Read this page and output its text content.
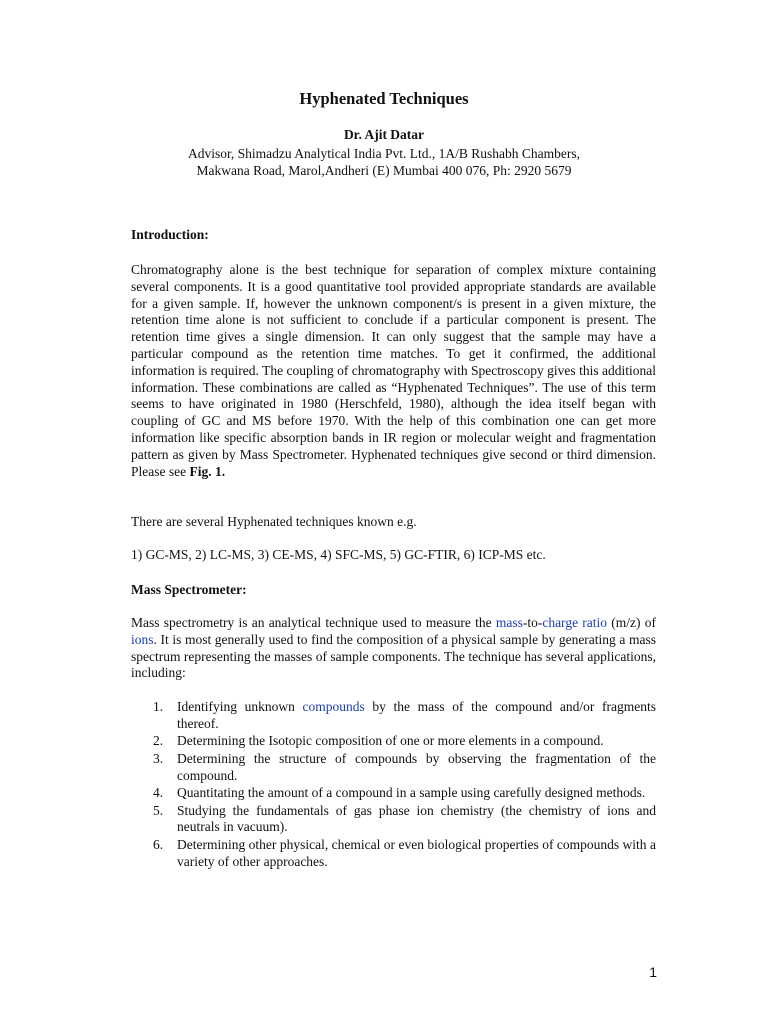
Hyphenated Techniques
Dr. Ajit Datar
Advisor, Shimadzu Analytical India Pvt. Ltd., 1A/B Rushabh Chambers,
Makwana Road, Marol,Andheri (E) Mumbai 400 076, Ph: 2920 5679
Introduction:
Chromatography alone is the best technique for separation of complex mixture containing several components. It is a good quantitative tool provided appropriate standards are available for a given sample. If, however the unknown component/s is present in a given mixture, the retention time alone is not sufficient to conclude if a particular component is present. The retention time gives a single dimension. It can only suggest that the sample may have a particular compound as the retention time matches. To get it confirmed, the additional information is required. The coupling of chromatography with Spectroscopy gives this additional information. These combinations are called as “Hyphenated Techniques”. The use of this term seems to have originated in 1980 (Herschfeld, 1980), although the idea itself began with coupling of GC and MS before 1970. With the help of this combination one can get more information like specific absorption bands in IR region or molecular weight and fragmentation pattern as given by Mass Spectrometer. Hyphenated techniques give second or third dimension. Please see Fig. 1.
There are several Hyphenated techniques known e.g.
1) GC-MS, 2) LC-MS, 3) CE-MS, 4) SFC-MS, 5) GC-FTIR, 6) ICP-MS etc.
Mass Spectrometer:
Mass spectrometry is an analytical technique used to measure the mass-to-charge ratio (m/z) of ions. It is most generally used to find the composition of a physical sample by generating a mass spectrum representing the masses of sample components. The technique has several applications, including:
1. Identifying unknown compounds by the mass of the compound and/or fragments thereof.
2. Determining the Isotopic composition of one or more elements in a compound.
3. Determining the structure of compounds by observing the fragmentation of the compound.
4. Quantitating the amount of a compound in a sample using carefully designed methods.
5. Studying the fundamentals of gas phase ion chemistry (the chemistry of ions and neutrals in vacuum).
6. Determining other physical, chemical or even biological properties of compounds with a variety of other approaches.
1
